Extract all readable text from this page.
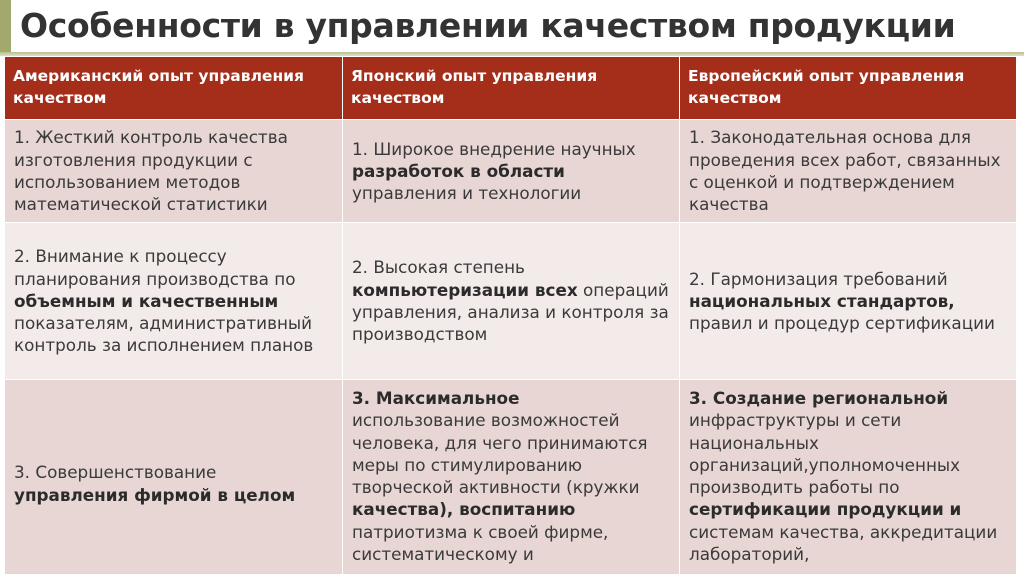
Особенности в управлении качеством продукции
Американский опыт управления качеством	Японский опыт управления качеством	Европейский опыт управления качеством

1. Жесткий контроль качества изготовления продукции с использованием методов математической статистики	1. Широкое внедрение научных
разработок в области
управления и технологии	1. Законодательная основа для проведения всех работ, связанных с оценкой и подтверждением качества

2. Внимание к процессу планирования производства по объемным и качественным показателям, административный контроль за исполнением планов	2. Высокая степень
компьютеризации всех операций управления, анализа и контроля за производством	2. Гармонизация требований
национальных стандартов,
правил и процедур сертификации

3. Совершенствование
управления фирмой в целом	3. Максимальное
использование возможностей человека, для чего принимаются меры по стимулированию творческой активности (кружки
качества), воспитанию
патриотизма к своей фирме, систематическому и	3. Создание региональной
инфраструктуры и сети национальных организаций,уполномоченных производить работы по
сертификации продукции и
системам качества, аккредитации лабораторий,
